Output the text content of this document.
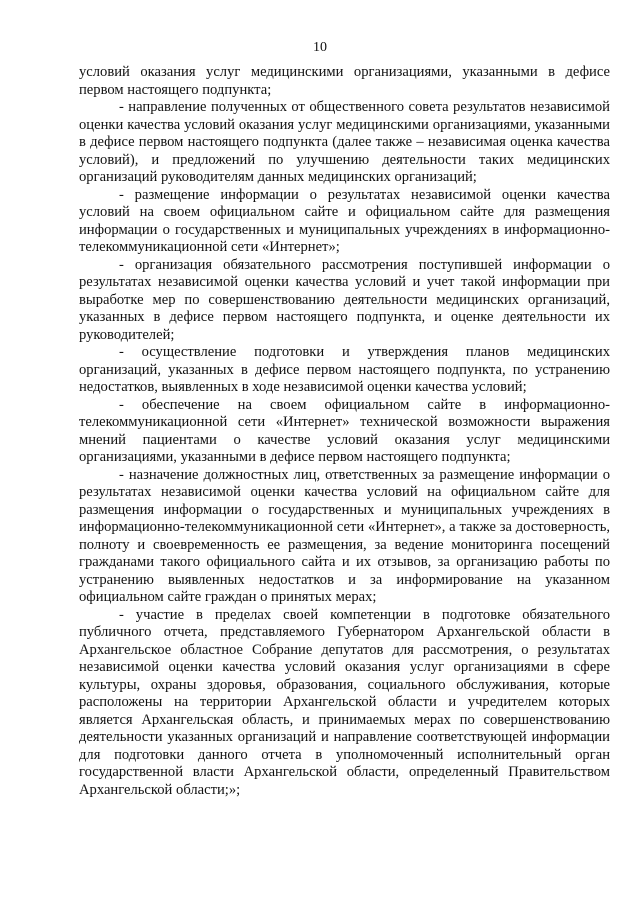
10

условий оказания услуг медицинскими организациями, указанными в дефисе первом настоящего подпункта;

- направление полученных от общественного совета результатов независимой оценки качества условий оказания услуг медицинскими организациями, указанными в дефисе первом настоящего подпункта (далее также – независимая оценка качества условий), и предложений по улучшению деятельности таких медицинских организаций руководителям данных медицинских организаций;

- размещение информации о результатах независимой оценки качества условий на своем официальном сайте и официальном сайте для размещения информации о государственных и муниципальных учреждениях в информационно-телекоммуникационной сети «Интернет»;

- организация обязательного рассмотрения поступившей информации о результатах независимой оценки качества условий и учет такой информации при выработке мер по совершенствованию деятельности медицинских организаций, указанных в дефисе первом настоящего подпункта, и оценке деятельности их руководителей;

- осуществление подготовки и утверждения планов медицинских организаций, указанных в дефисе первом настоящего подпункта, по устранению недостатков, выявленных в ходе независимой оценки качества условий;

- обеспечение на своем официальном сайте в информационно-телекоммуникационной сети «Интернет» технической возможности выражения мнений пациентами о качестве условий оказания услуг медицинскими организациями, указанными в дефисе первом настоящего подпункта;

- назначение должностных лиц, ответственных за размещение информации о результатах независимой оценки качества условий на официальном сайте для размещения информации о государственных и муниципальных учреждениях в информационно-телекоммуникационной сети «Интернет», а также за достоверность, полноту и своевременность ее размещения, за ведение мониторинга посещений гражданами такого официального сайта и их отзывов, за организацию работы по устранению выявленных недостатков и за информирование на указанном официальном сайте граждан о принятых мерах;

- участие в пределах своей компетенции в подготовке обязательного публичного отчета, представляемого Губернатором Архангельской области в Архангельское областное Собрание депутатов для рассмотрения, о результатах независимой оценки качества условий оказания услуг организациями в сфере культуры, охраны здоровья, образования, социального обслуживания, которые расположены на территории Архангельской области и учредителем которых является Архангельская область, и принимаемых мерах по совершенствованию деятельности указанных организаций и направление соответствующей информации для подготовки данного отчета в уполномоченный исполнительный орган государственной власти Архангельской области, определенный Правительством Архангельской области;»;
